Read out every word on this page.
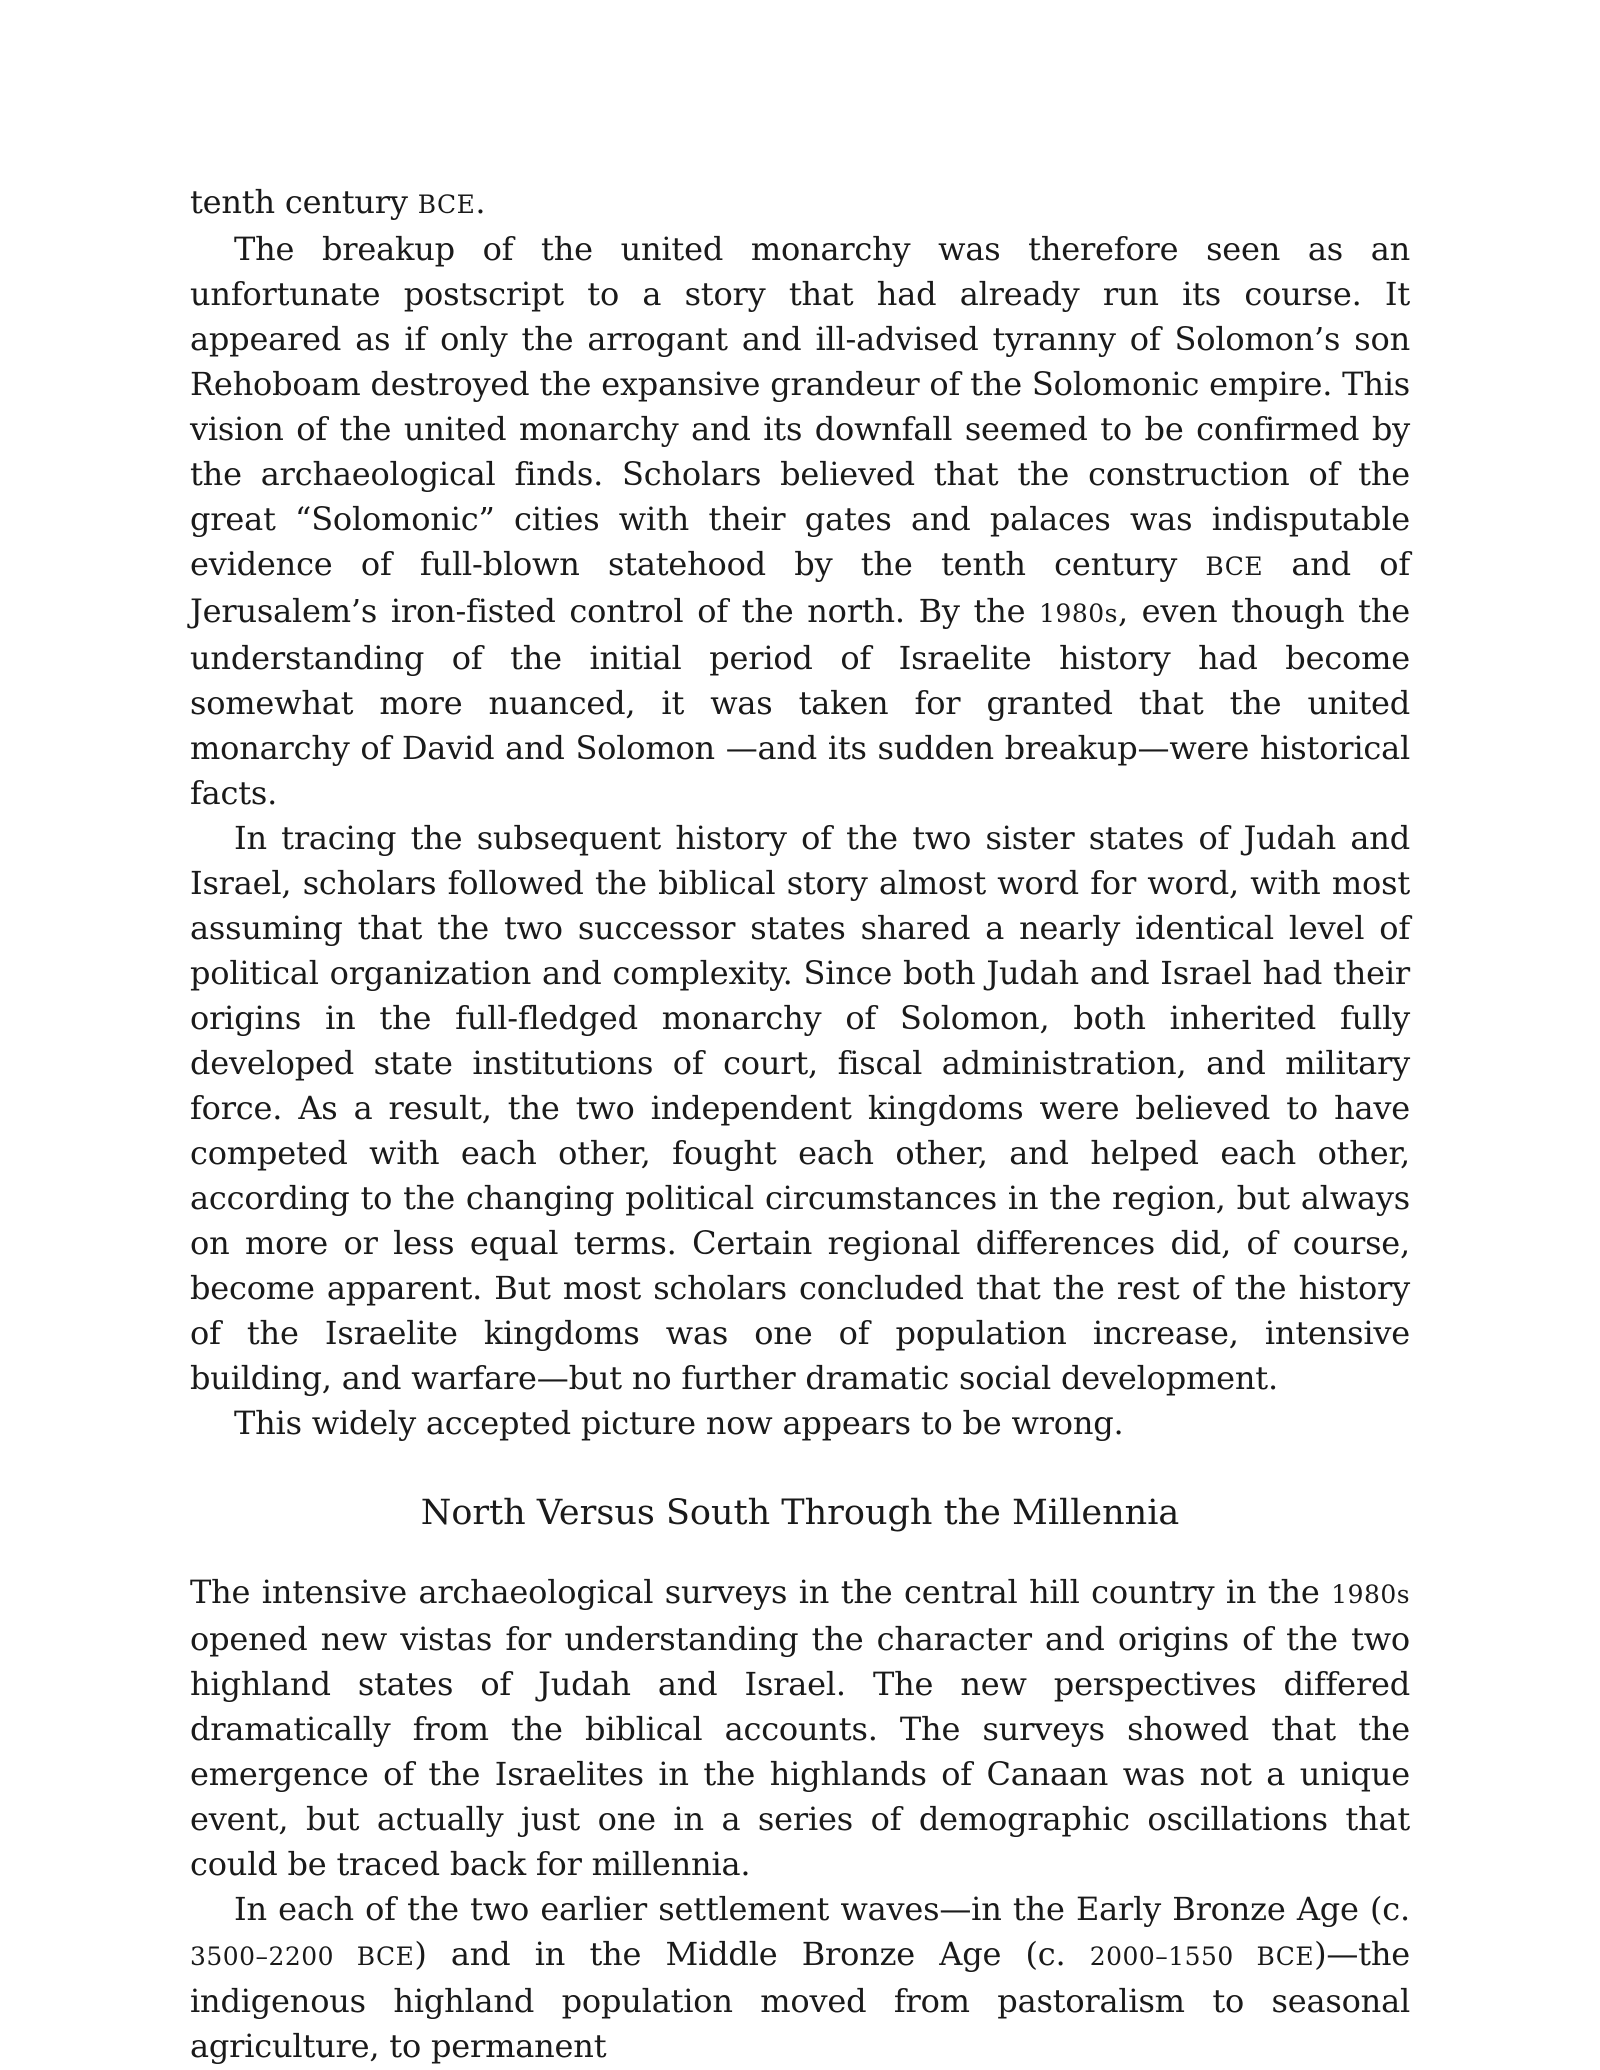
tenth century BCE.

The breakup of the united monarchy was therefore seen as an unfortunate postscript to a story that had already run its course. It appeared as if only the arrogant and ill-advised tyranny of Solomon’s son Rehoboam destroyed the expansive grandeur of the Solomonic empire. This vision of the united monarchy and its downfall seemed to be confirmed by the archaeological finds. Scholars believed that the construction of the great “Solomonic” cities with their gates and palaces was indisputable evidence of full-blown statehood by the tenth century BCE and of Jerusalem’s iron-fisted control of the north. By the 1980s, even though the understanding of the initial period of Israelite history had become somewhat more nuanced, it was taken for granted that the united monarchy of David and Solomon —and its sudden breakup—were historical facts.

In tracing the subsequent history of the two sister states of Judah and Israel, scholars followed the biblical story almost word for word, with most assuming that the two successor states shared a nearly identical level of political organization and complexity. Since both Judah and Israel had their origins in the full-fledged monarchy of Solomon, both inherited fully developed state institutions of court, fiscal administration, and military force. As a result, the two independent kingdoms were believed to have competed with each other, fought each other, and helped each other, according to the changing political circumstances in the region, but always on more or less equal terms. Certain regional differences did, of course, become apparent. But most scholars concluded that the rest of the history of the Israelite kingdoms was one of population increase, intensive building, and warfare—but no further dramatic social development.

This widely accepted picture now appears to be wrong.

North Versus South Through the Millennia

The intensive archaeological surveys in the central hill country in the 1980s opened new vistas for understanding the character and origins of the two highland states of Judah and Israel. The new perspectives differed dramatically from the biblical accounts. The surveys showed that the emergence of the Israelites in the highlands of Canaan was not a unique event, but actually just one in a series of demographic oscillations that could be traced back for millennia.

In each of the two earlier settlement waves—in the Early Bronze Age (c. 3500–2200 BCE) and in the Middle Bronze Age (c. 2000–1550 BCE)—the indigenous highland population moved from pastoralism to seasonal agriculture, to permanent
